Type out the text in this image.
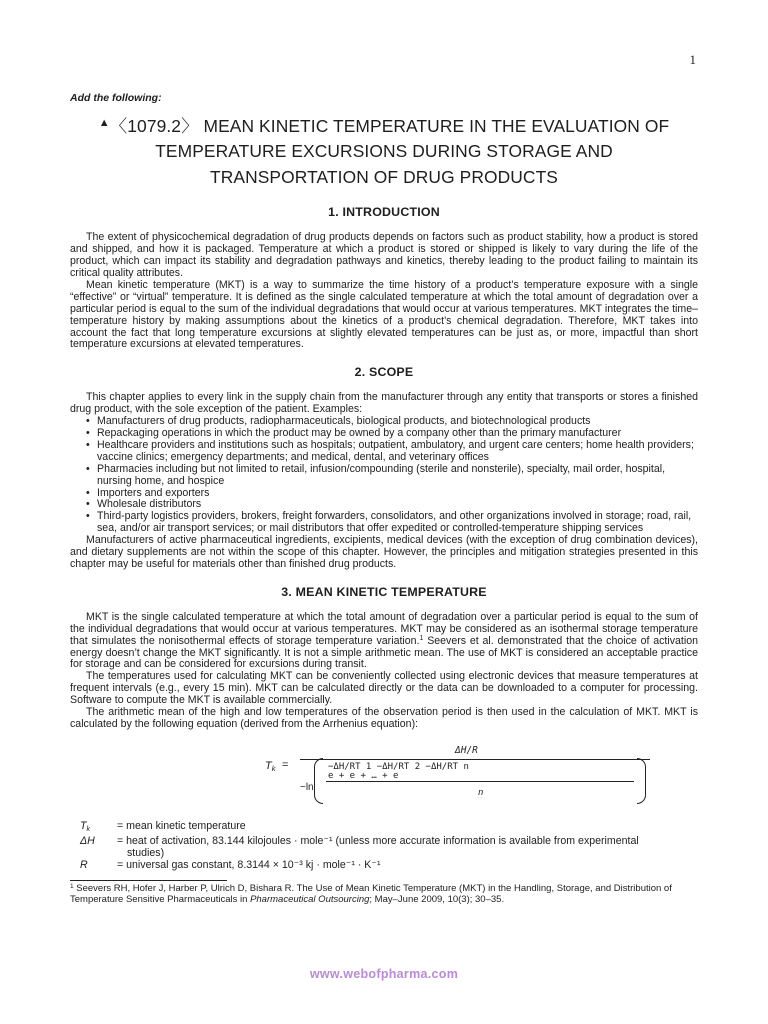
1
Add the following:
▲〈1079.2〉 MEAN KINETIC TEMPERATURE IN THE EVALUATION OF
TEMPERATURE EXCURSIONS DURING STORAGE AND
TRANSPORTATION OF DRUG PRODUCTS
1. INTRODUCTION

The extent of physicochemical degradation of drug products depends on factors such as product stability, how a product is stored and shipped, and how it is packaged. Temperature at which a product is stored or shipped is likely to vary during the life of the product, which can impact its stability and degradation pathways and kinetics, thereby leading to the product failing to maintain its critical quality attributes.

Mean kinetic temperature (MKT) is a way to summarize the time history of a product’s temperature exposure with a single “effective” or “virtual” temperature. It is defined as the single calculated temperature at which the total amount of degradation over a particular period is equal to the sum of the individual degradations that would occur at various temperatures. MKT integrates the time–temperature history by making assumptions about the kinetics of a product’s chemical degradation. Therefore, MKT takes into account the fact that long temperature excursions at slightly elevated temperatures can be just as, or more, impactful than short temperature excursions at elevated temperatures.

2. SCOPE

This chapter applies to every link in the supply chain from the manufacturer through any entity that transports or stores a finished drug product, with the sole exception of the patient. Examples:

• Manufacturers of drug products, radiopharmaceuticals, biological products, and biotechnological products
• Repackaging operations in which the product may be owned by a company other than the primary manufacturer
• Healthcare providers and institutions such as hospitals; outpatient, ambulatory, and urgent care centers; home health providers; vaccine clinics; emergency departments; and medical, dental, and veterinary offices
• Pharmacies including but not limited to retail, infusion/compounding (sterile and nonsterile), specialty, mail order, hospital, nursing home, and hospice
• Importers and exporters
• Wholesale distributors
• Third-party logistics providers, brokers, freight forwarders, consolidators, and other organizations involved in storage; road, rail, sea, and/or air transport services; or mail distributors that offer expedited or controlled-temperature shipping services

Manufacturers of active pharmaceutical ingredients, excipients, medical devices (with the exception of drug combination devices), and dietary supplements are not within the scope of this chapter. However, the principles and mitigation strategies presented in this chapter may be useful for materials other than finished drug products.

3. MEAN KINETIC TEMPERATURE

MKT is the single calculated temperature at which the total amount of degradation over a particular period is equal to the sum of the individual degradations that would occur at various temperatures. MKT may be considered as an isothermal storage temperature that simulates the nonisothermal effects of storage temperature variation.$^1$ Seevers et al. demonstrated that the choice of activation energy doesn’t change the MKT significantly. It is not a simple arithmetic mean. The use of MKT is considered an acceptable practice for storage and can be considered for excursions during transit.

The temperatures used for calculating MKT can be conveniently collected using electronic devices that measure temperatures at frequent intervals (e.g., every 15 min). MKT can be calculated directly or the data can be downloaded to a computer for processing. Software to compute the MKT is available commercially.

The arithmetic mean of the high and low temperatures of the observation period is then used in the calculation of MKT. MKT is calculated by the following equation (derived from the Arrhenius equation):

$T_k$ =
ΔH/R
−ln
−ΔH/RT 1 −ΔH/RT 2 −ΔH/RT n
e + e + … + e
n
$T_k$	= mean kinetic temperature
ΔH	= heat of activation, 83.144 kilojoules · mole⁻¹ (unless more accurate information is available from experimental
studies)
R	= universal gas constant, 8.3144 × 10⁻³ kj · mole⁻¹ · K⁻¹

$^1$ Seevers RH, Hofer J, Harber P, Ulrich D, Bishara R. The Use of Mean Kinetic Temperature (MKT) in the Handling, Storage, and Distribution of Temperature Sensitive Pharmaceuticals in Pharmaceutical Outsourcing; May–June 2009, 10(3); 30–35.

www.webofpharma.com
